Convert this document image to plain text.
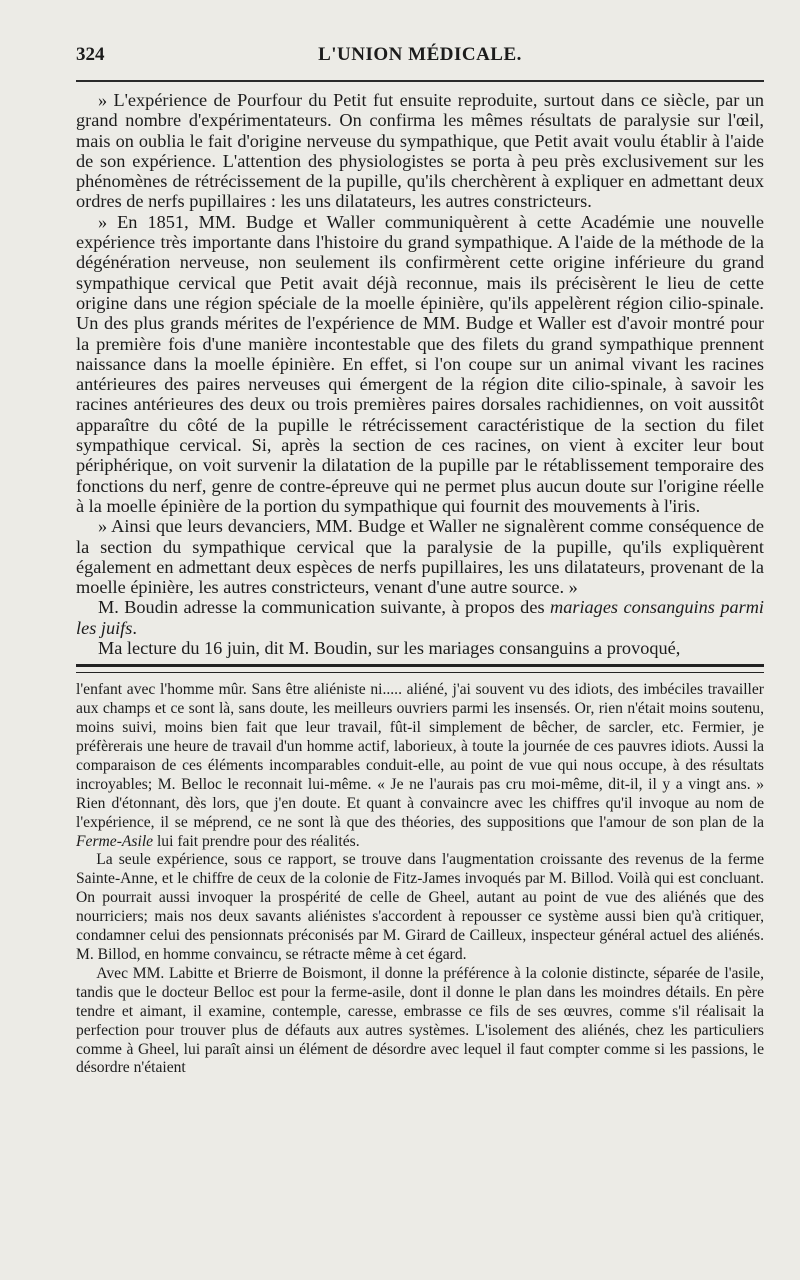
324	L'UNION MÉDICALE.

» L'expérience de Pourfour du Petit fut ensuite reproduite, surtout dans ce siècle, par un grand nombre d'expérimentateurs. On confirma les mêmes résultats de paralysie sur l'œil, mais on oublia le fait d'origine nerveuse du sympathique, que Petit avait voulu établir à l'aide de son expérience. L'attention des physiologistes se porta à peu près exclusivement sur les phénomènes de rétrécissement de la pupille, qu'ils cherchèrent à expliquer en admettant deux ordres de nerfs pupillaires : les uns dilatateurs, les autres constricteurs.

» En 1851, MM. Budge et Waller communiquèrent à cette Académie une nouvelle expérience très importante dans l'histoire du grand sympathique. A l'aide de la méthode de la dégénération nerveuse, non seulement ils confirmèrent cette origine inférieure du grand sympathique cervical que Petit avait déjà reconnue, mais ils précisèrent le lieu de cette origine dans une région spéciale de la moelle épinière, qu'ils appelèrent région cilio-spinale. Un des plus grands mérites de l'expérience de MM. Budge et Waller est d'avoir montré pour la première fois d'une manière incontestable que des filets du grand sympathique prennent naissance dans la moelle épinière. En effet, si l'on coupe sur un animal vivant les racines antérieures des paires nerveuses qui émergent de la région dite cilio-spinale, à savoir les racines antérieures des deux ou trois premières paires dorsales rachidiennes, on voit aussitôt apparaître du côté de la pupille le rétrécissement caractéristique de la section du filet sympathique cervical. Si, après la section de ces racines, on vient à exciter leur bout périphérique, on voit survenir la dilatation de la pupille par le rétablissement temporaire des fonctions du nerf, genre de contre-épreuve qui ne permet plus aucun doute sur l'origine réelle à la moelle épinière de la portion du sympathique qui fournit des mouvements à l'iris.

» Ainsi que leurs devanciers, MM. Budge et Waller ne signalèrent comme conséquence de la section du sympathique cervical que la paralysie de la pupille, qu'ils expliquèrent également en admettant deux espèces de nerfs pupillaires, les uns dilatateurs, provenant de la moelle épinière, les autres constricteurs, venant d'une autre source. »

M. Boudin adresse la communication suivante, à propos des mariages consanguins parmi les juifs.

Ma lecture du 16 juin, dit M. Boudin, sur les mariages consanguins a provoqué,

l'enfant avec l'homme mûr. Sans être aliéniste ni..... aliéné, j'ai souvent vu des idiots, des imbéciles travailler aux champs et ce sont là, sans doute, les meilleurs ouvriers parmi les insensés. Or, rien n'était moins soutenu, moins suivi, moins bien fait que leur travail, fût-il simplement de bêcher, de sarcler, etc. Fermier, je préfèrerais une heure de travail d'un homme actif, laborieux, à toute la journée de ces pauvres idiots. Aussi la comparaison de ces éléments incomparables conduit-elle, au point de vue qui nous occupe, à des résultats incroyables; M. Belloc le reconnait lui-même. « Je ne l'aurais pas cru moi-même, dit-il, il y a vingt ans. » Rien d'étonnant, dès lors, que j'en doute. Et quant à convaincre avec les chiffres qu'il invoque au nom de l'expérience, il se méprend, ce ne sont là que des théories, des suppositions que l'amour de son plan de la Ferme-Asile lui fait prendre pour des réalités.

La seule expérience, sous ce rapport, se trouve dans l'augmentation croissante des revenus de la ferme Sainte-Anne, et le chiffre de ceux de la colonie de Fitz-James invoqués par M. Billod. Voilà qui est concluant. On pourrait aussi invoquer la prospérité de celle de Gheel, autant au point de vue des aliénés que des nourriciers; mais nos deux savants aliénistes s'accordent à repousser ce système aussi bien qu'à critiquer, condamner celui des pensionnats préconisés par M. Girard de Cailleux, inspecteur général actuel des aliénés. M. Billod, en homme convaincu, se rétracte même à cet égard.

Avec MM. Labitte et Brierre de Boismont, il donne la préférence à la colonie distincte, séparée de l'asile, tandis que le docteur Belloc est pour la ferme-asile, dont il donne le plan dans les moindres détails. En père tendre et aimant, il examine, contemple, caresse, embrasse ce fils de ses œuvres, comme s'il réalisait la perfection pour trouver plus de défauts aux autres systèmes. L'isolement des aliénés, chez les particuliers comme à Gheel, lui paraît ainsi un élément de désordre avec lequel il faut compter comme si les passions, le désordre n'étaient
